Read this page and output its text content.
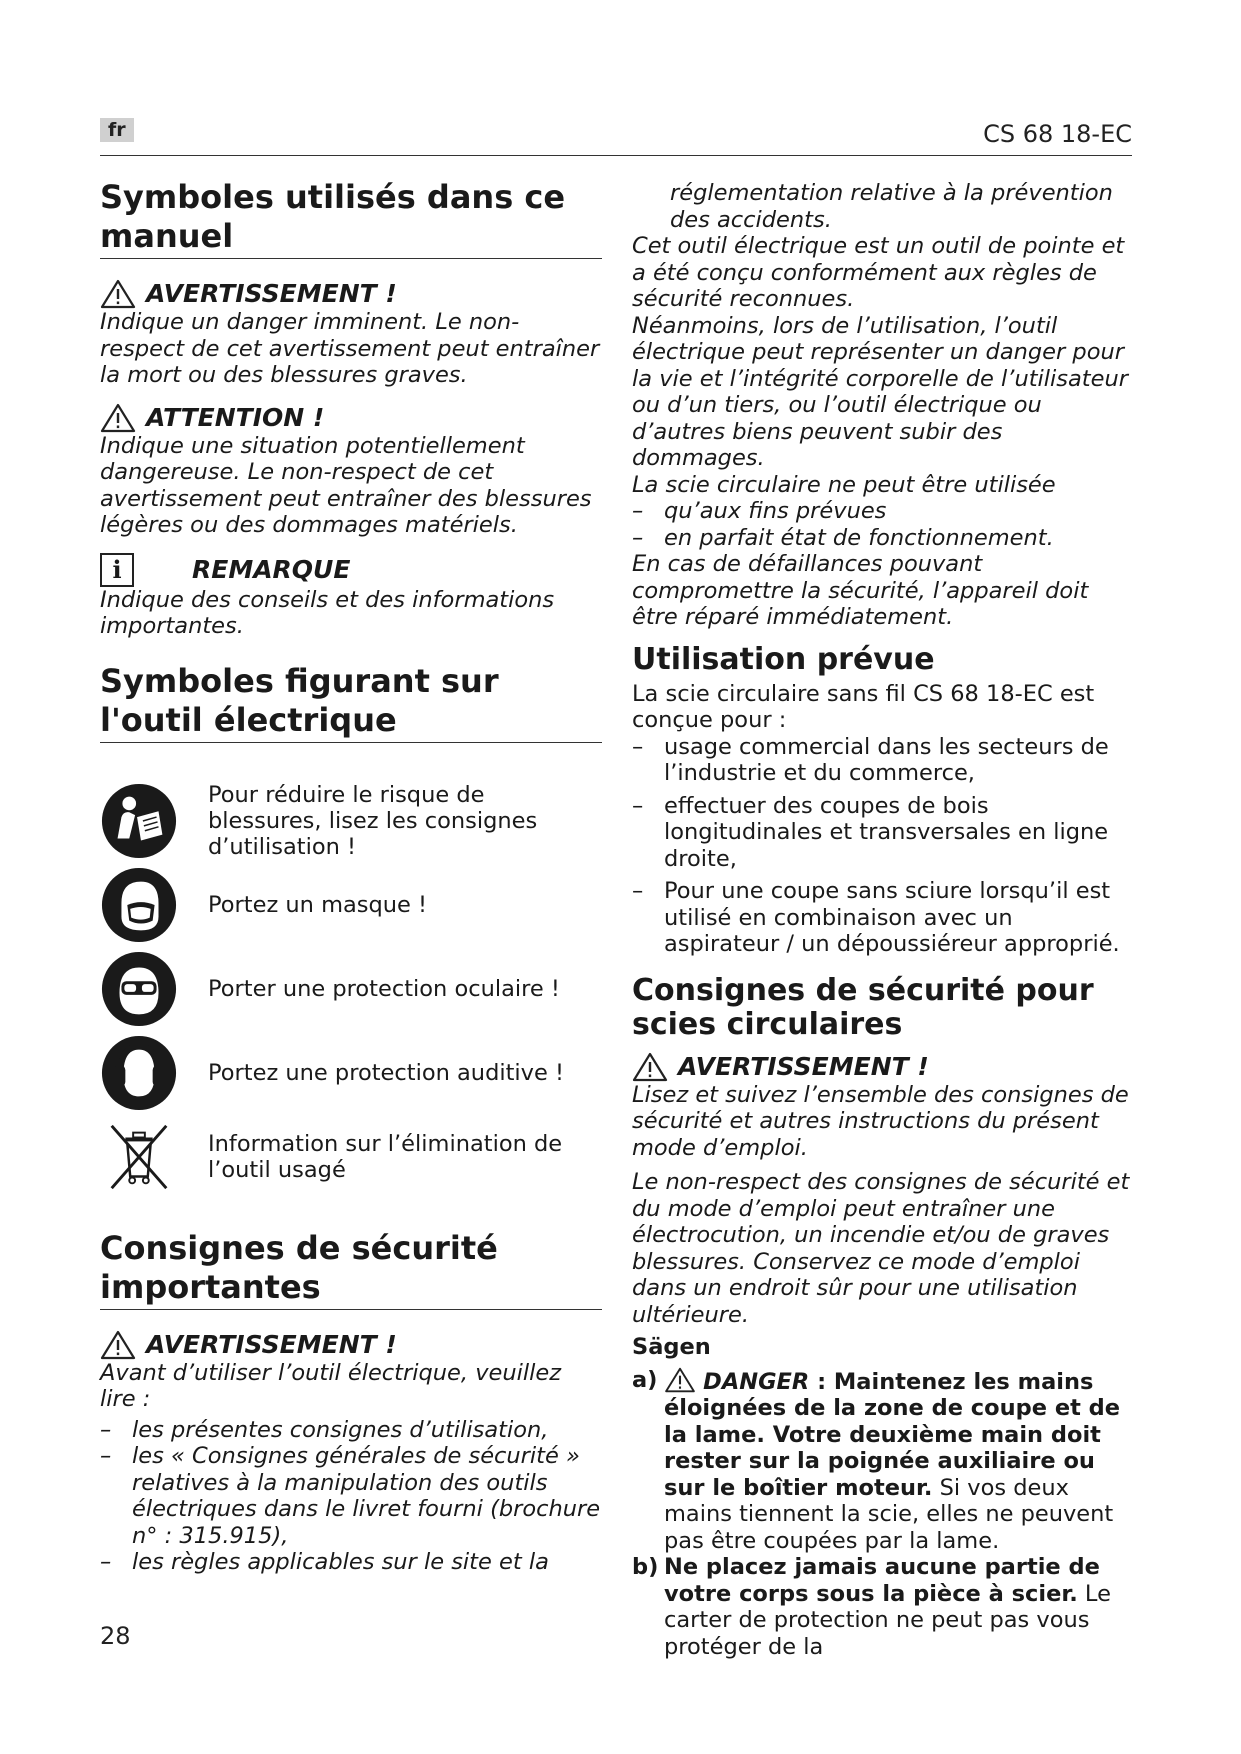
fr	CS 68 18-EC
Symboles utilisés dans ce manuel
AVERTISSEMENT !

Indique un danger imminent. Le non-respect de cet avertissement peut entraîner la mort ou des blessures graves.

ATTENTION !

Indique une situation potentiellement dangereuse. Le non-respect de cet avertissement peut entraîner des blessures légères ou des dommages matériels.

i	REMARQUE

Indique des conseils et des informations importantes.

Symboles figurant sur l'outil électrique
Pour réduire le risque de blessures, lisez les consignes d’utilisation !
Portez un masque !
Porter une protection oculaire !
Portez une protection auditive !
Information sur l’élimination de l’outil usagé
Consignes de sécurité importantes
AVERTISSEMENT !

Avant d’utiliser l’outil électrique, veuillez lire :

– les présentes consignes d’utilisation,
– les « Consignes générales de sécurité » relatives à la manipulation des outils électriques dans le livret fourni (brochure n° : 315.915),
– les règles applicables sur le site et la

réglementation relative à la prévention des accidents.

Cet outil électrique est un outil de pointe et a été conçu conformément aux règles de sécurité reconnues.

Néanmoins, lors de l’utilisation, l’outil électrique peut représenter un danger pour la vie et l’intégrité corporelle de l’utilisateur ou d’un tiers, ou l’outil électrique ou d’autres biens peuvent subir des dommages.

La scie circulaire ne peut être utilisée

– qu’aux fins prévues
– en parfait état de fonctionnement.

En cas de défaillances pouvant compromettre la sécurité, l’appareil doit être réparé immédiatement.

Utilisation prévue

La scie circulaire sans fil CS 68 18-EC est conçue pour :

– usage commercial dans les secteurs de l’industrie et du commerce,
– effectuer des coupes de bois longitudinales et transversales en ligne droite,
– Pour une coupe sans sciure lorsqu’il est utilisé en combinaison avec un aspirateur / un dépoussiéreur approprié.
Consignes de sécurité pour scies circulaires
AVERTISSEMENT !

Lisez et suivez l’ensemble des consignes de sécurité et autres instructions du présent mode d’emploi.

Le non-respect des consignes de sécurité et du mode d’emploi peut entraîner une électrocution, un incendie et/ou de graves blessures. Conservez ce mode d’emploi dans un endroit sûr pour une utilisation ultérieure.

Sägen

a) DANGER : Maintenez les mains éloignées de la zone de coupe et de la lame. Votre deuxième main doit rester sur la poignée auxiliaire ou sur le boîtier moteur. Si vos deux mains tiennent la scie, elles ne peuvent pas être coupées par la lame.
b) Ne placez jamais aucune partie de votre corps sous la pièce à scier. Le carter de protection ne peut pas vous protéger de la
28
